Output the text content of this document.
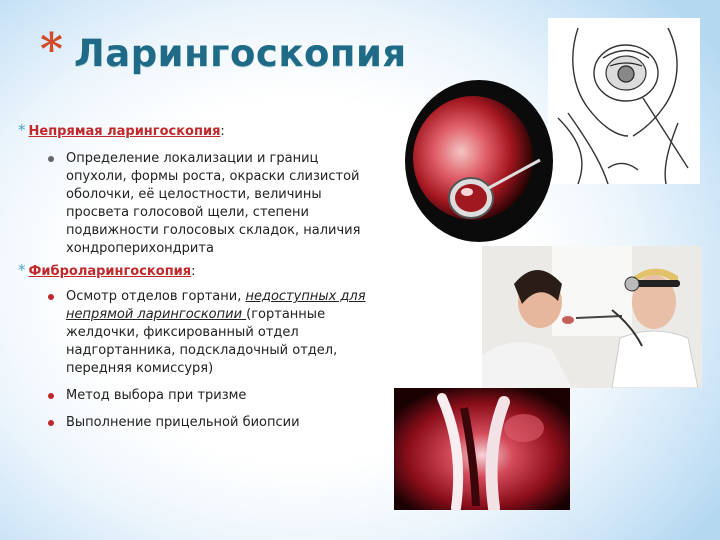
* Ларингоскопия
* Непрямая ларингоскопия:
Определение локализации и границ опухоли, формы роста, окраски слизистой оболочки, её целостности, величины просвета голосовой щели, степени подвижности голосовых складок, наличия хондроперихондрита
* Фиброларингоскопия:
Осмотр отделов гортани, недоступных для непрямой ларингоскопии (гортанные желдочки, фиксированный отдел надгортанника, подскладочный отдел, передняя комиссуря)
Метод выбора при тризме
Выполнение прицельной биопсии
